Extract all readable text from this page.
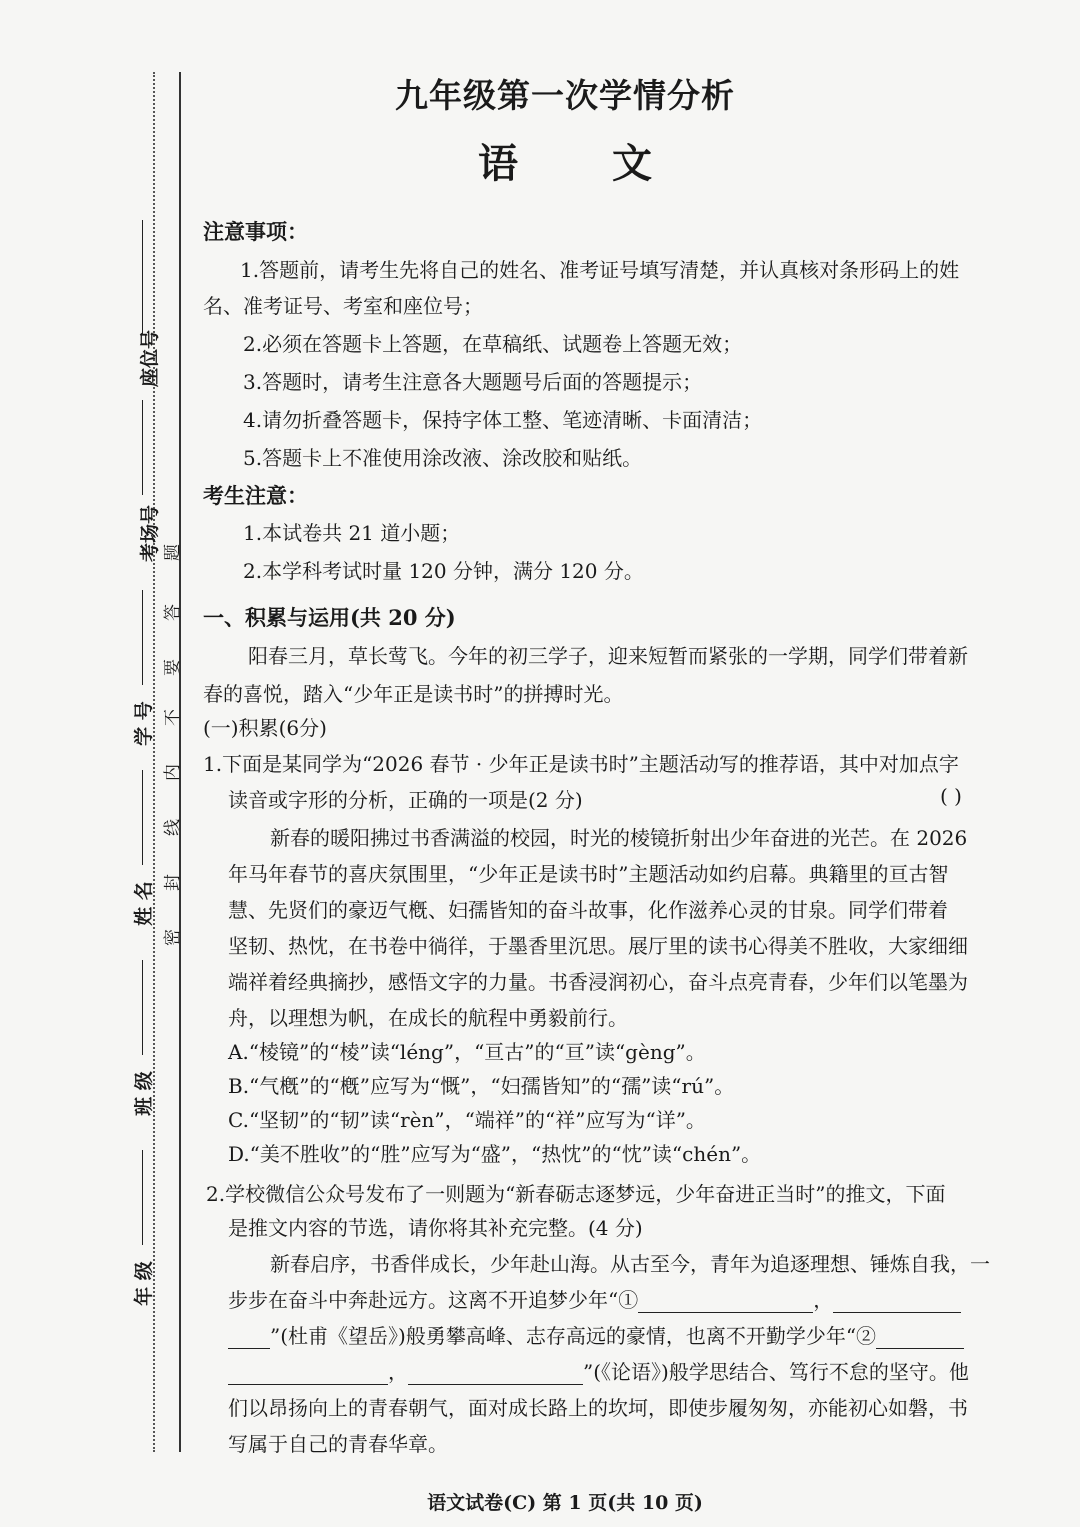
座位号
考场号
学 号
姓 名
班 级
年 级
题
答
要
不
内
线
封
密
九年级第一次学情分析
语 文
注意事项：
1.答题前，请考生先将自己的姓名、准考证号填写清楚，并认真核对条形码上的姓
名、准考证号、考室和座位号；
2.必须在答题卡上答题，在草稿纸、试题卷上答题无效；
3.答题时，请考生注意各大题题号后面的答题提示；
4.请勿折叠答题卡，保持字体工整、笔迹清晰、卡面清洁；
5.答题卡上不准使用涂改液、涂改胶和贴纸。
考生注意：
1.本试卷共 21 道小题；
2.本学科考试时量 120 分钟，满分 120 分。
一、积累与运用(共 20 分)
阳春三月，草长莺飞。今年的初三学子，迎来短暂而紧张的一学期，同学们带着新
春的喜悦，踏入“少年正是读书时”的拼搏时光。
(一)积累(6分)
1.下面是某同学为“2026 春节 · 少年正是读书时”主题活动写的推荐语，其中对加点字
读音或字形的分析，正确的一项是(2 分)	( )
新春的暖阳拂过书香满溢的校园，时光的棱镜折射出少年奋进的光芒。在 2026
年马年春节的喜庆氛围里，“少年正是读书时”主题活动如约启幕。典籍里的亘古智
慧、先贤们的豪迈气槪、妇孺皆知的奋斗故事，化作滋养心灵的甘泉。同学们带着
坚韧、热忱，在书卷中徜徉，于墨香里沉思。展厅里的读书心得美不胜收，大家细细
端祥着经典摘抄，感悟文字的力量。书香浸润初心，奋斗点亮青春，少年们以笔墨为
舟，以理想为帆，在成长的航程中勇毅前行。
A.“棱镜”的“棱”读“léng”，“亘古”的“亘”读“gèng”。
B.“气槪”的“槪”应写为“慨”，“妇孺皆知”的“孺”读“rú”。
C.“坚韧”的“韧”读“rèn”，“端祥”的“祥”应写为“详”。
D.“美不胜收”的“胜”应写为“盛”，“热忱”的“忱”读“chén”。
2.学校微信公众号发布了一则题为“新春砺志逐梦远，少年奋进正当时”的推文，下面
是推文内容的节选，请你将其补充完整。(4 分)
新春启序，书香伴成长，少年赴山海。从古至今，青年为追逐理想、锤炼自我，一
步步在奋斗中奔赴远方。这离不开追梦少年“①	，
”(杜甫《望岳》)般勇攀高峰、志存高远的豪情，也离不开勤学少年“②
，	”(《论语》)般学思结合、笃行不怠的坚守。他
们以昂扬向上的青春朝气，面对成长路上的坎坷，即使步履匆匆，亦能初心如磐，书
写属于自己的青春华章。
语文试卷(C) 第 1 页(共 10 页)
